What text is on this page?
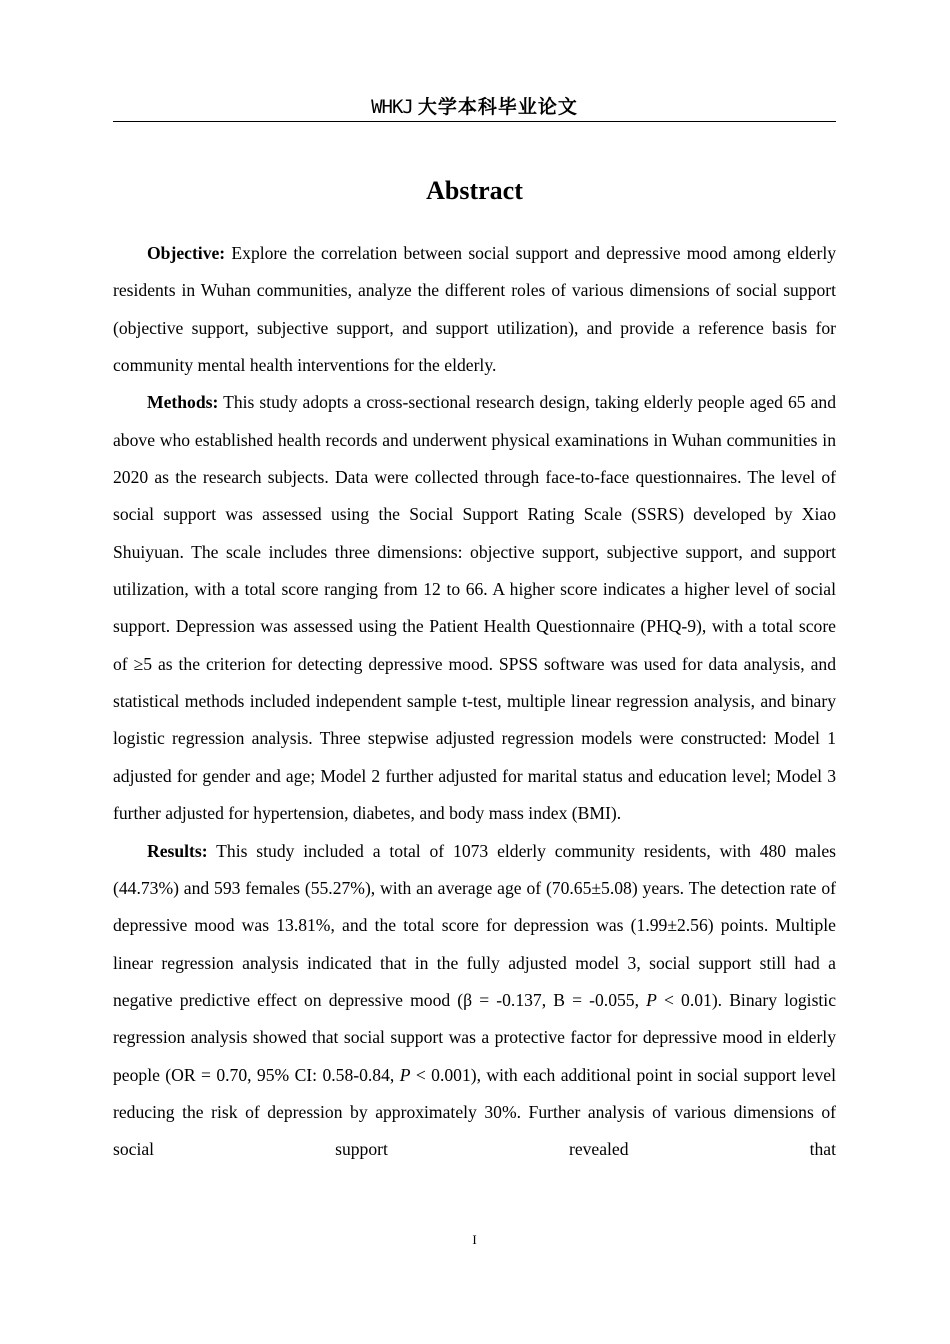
WHKJ 大学本科毕业论文
Abstract

Objective: Explore the correlation between social support and depressive mood among elderly residents in Wuhan communities, analyze the different roles of various dimensions of social support (objective support, subjective support, and support utilization), and provide a reference basis for community mental health interventions for the elderly.

Methods: This study adopts a cross-sectional research design, taking elderly people aged 65 and above who established health records and underwent physical examinations in Wuhan communities in 2020 as the research subjects. Data were collected through face-to-face questionnaires. The level of social support was assessed using the Social Support Rating Scale (SSRS) developed by Xiao Shuiyuan. The scale includes three dimensions: objective support, subjective support, and support utilization, with a total score ranging from 12 to 66. A higher score indicates a higher level of social support. Depression was assessed using the Patient Health Questionnaire (PHQ-9), with a total score of ≥5 as the criterion for detecting depressive mood. SPSS software was used for data analysis, and statistical methods included independent sample t-test, multiple linear regression analysis, and binary logistic regression analysis. Three stepwise adjusted regression models were constructed: Model 1 adjusted for gender and age; Model 2 further adjusted for marital status and education level; Model 3 further adjusted for hypertension, diabetes, and body mass index (BMI).

Results: This study included a total of 1073 elderly community residents, with 480 males (44.73%) and 593 females (55.27%), with an average age of (70.65±5.08) years. The detection rate of depressive mood was 13.81%, and the total score for depression was (1.99±2.56) points. Multiple linear regression analysis indicated that in the fully adjusted model 3, social support still had a negative predictive effect on depressive mood (β = -0.137, B = -0.055, P < 0.01). Binary logistic regression analysis showed that social support was a protective factor for depressive mood in elderly people (OR = 0.70, 95% CI: 0.58-0.84, P < 0.001), with each additional point in social support level reducing the risk of depression by approximately 30%. Further analysis of various dimensions of social support revealed that

I
